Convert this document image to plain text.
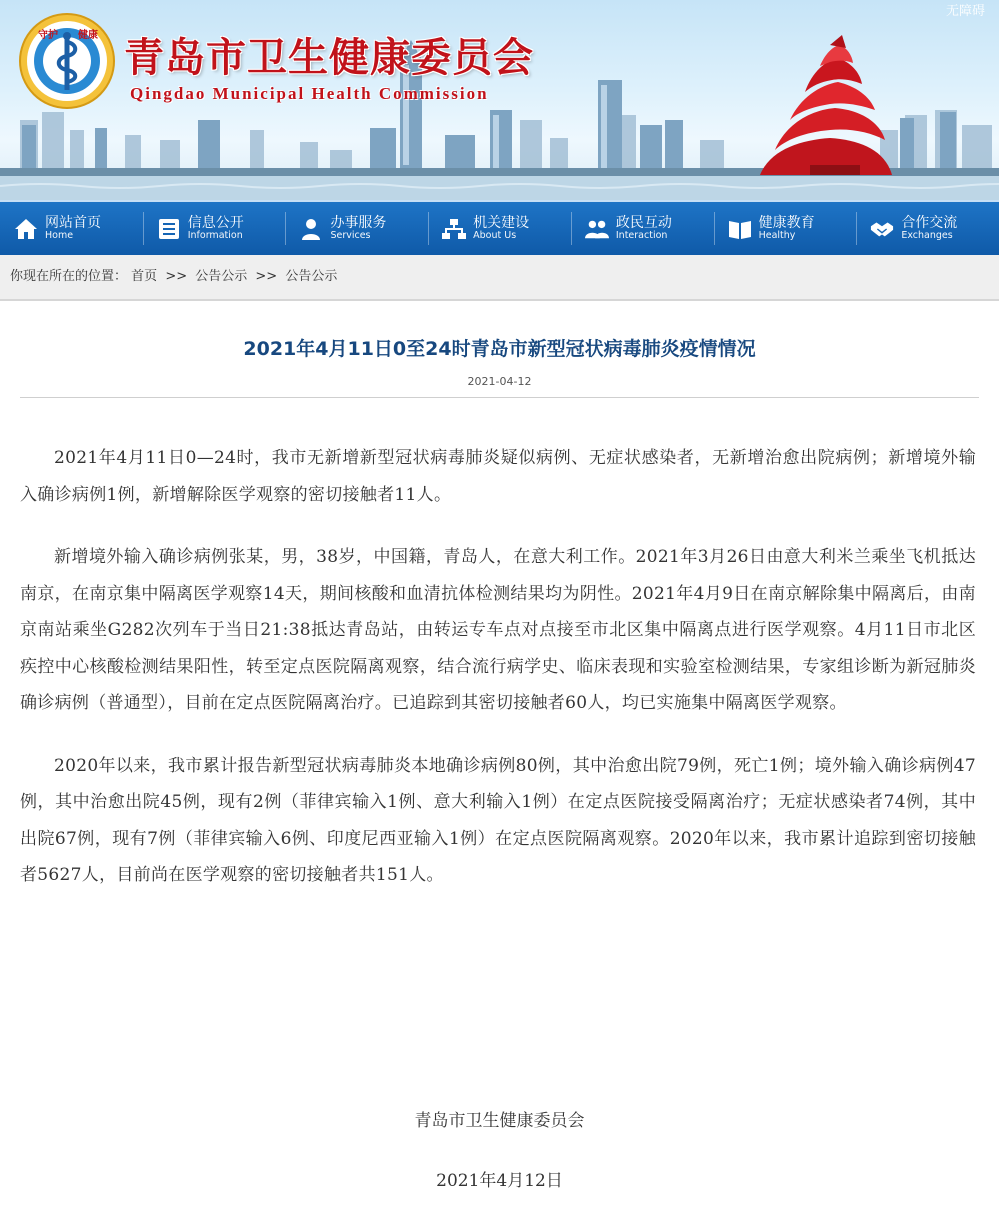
无障碍
守护 健康 青岛市卫生健康委员会
Qingdao Municipal Health Commission
网站首页
Home
信息公开
Information
办事服务
Services
机关建设
About Us
政民互动
Interaction
健康教育
Healthy
合作交流
Exchanges
你现在所在的位置： 首页 >> 公告公示 >> 公告公示
2021年4月11日0至24时青岛市新型冠状病毒肺炎疫情情况
2021-04-12

2021年4月11日0—24时，我市无新增新型冠状病毒肺炎疑似病例、无症状感染者，无新增治愈出院病例；新增境外输入确诊病例1例，新增解除医学观察的密切接触者11人。

新增境外输入确诊病例张某，男，38岁，中国籍，青岛人，在意大利工作。2021年3月26日由意大利米兰乘坐飞机抵达南京，在南京集中隔离医学观察14天，期间核酸和血清抗体检测结果均为阴性。2021年4月9日在南京解除集中隔离后，由南京南站乘坐G282次列车于当日21:38抵达青岛站，由转运专车点对点接至市北区集中隔离点进行医学观察。4月11日市北区疾控中心核酸检测结果阳性，转至定点医院隔离观察，结合流行病学史、临床表现和实验室检测结果，专家组诊断为新冠肺炎确诊病例（普通型），目前在定点医院隔离治疗。已追踪到其密切接触者60人，均已实施集中隔离医学观察。

2020年以来，我市累计报告新型冠状病毒肺炎本地确诊病例80例，其中治愈出院79例，死亡1例；境外输入确诊病例47例，其中治愈出院45例，现有2例（菲律宾输入1例、意大利输入1例）在定点医院接受隔离治疗；无症状感染者74例，其中出院67例，现有7例（菲律宾输入6例、印度尼西亚输入1例）在定点医院隔离观察。2020年以来，我市累计追踪到密切接触者5627人，目前尚在医学观察的密切接触者共151人。

青岛市卫生健康委员会
2021年4月12日
